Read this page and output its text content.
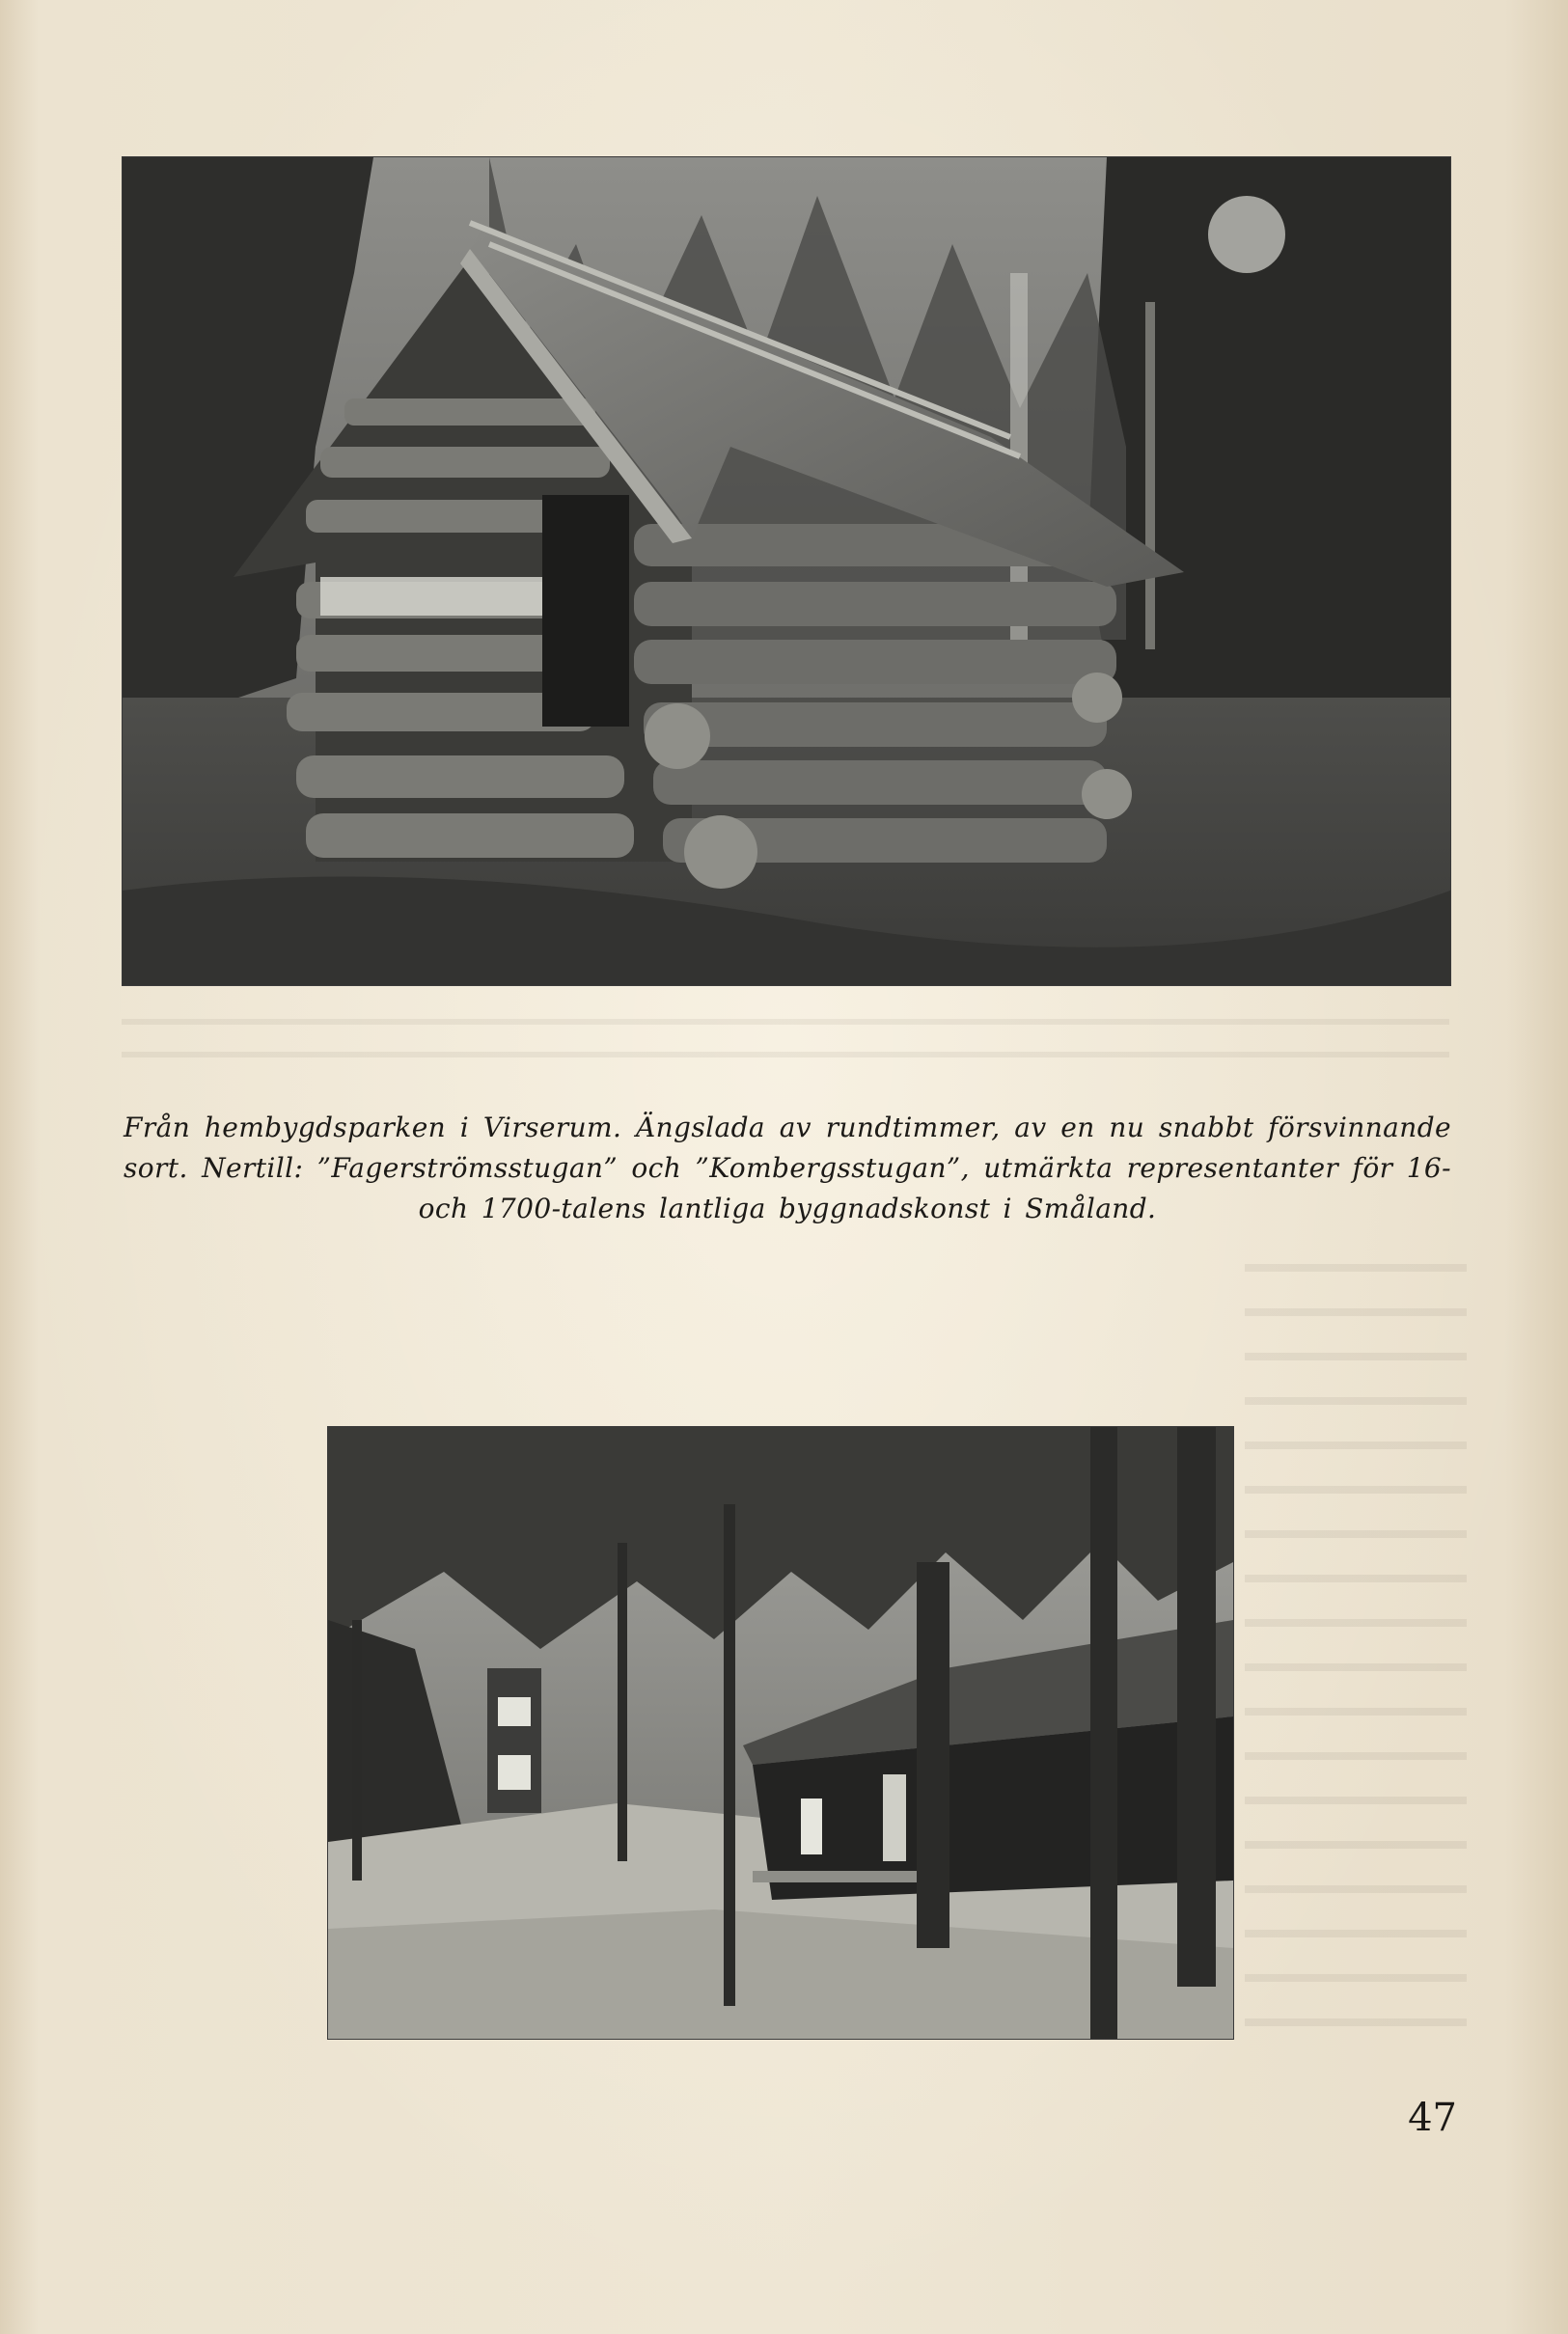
Från hembygdsparken i Virserum. Ängslada av rundtimmer, av en nu snabbt försvinnande sort. Nertill: ”Fagerströmsstugan” och ”Kombergsstugan”, utmärkta representanter för 16- och 1700-talens lantliga byggnadskonst i Småland.
47
